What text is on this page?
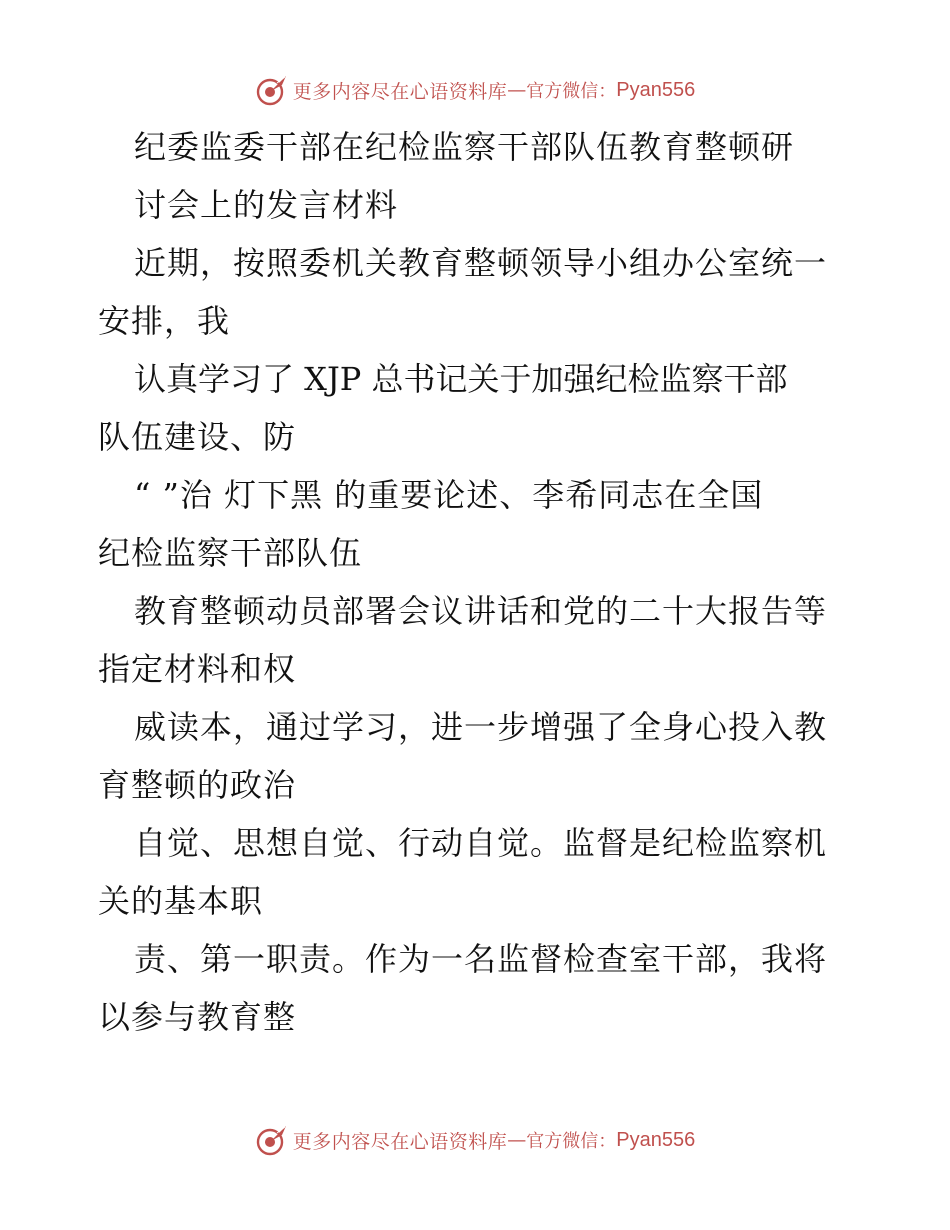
更多内容尽在心语资料库 — 官方微信： Pyan556
纪委监委干部在纪检监察干部队伍教育整顿研
讨会上的发言材料
近期，按照委机关教育整顿领导小组办公室统一
安排，我
认真学习了 XJP 总书记关于加强纪检监察干部
队伍建设、防
“ ”治 灯下黑 的重要论述、李希同志在全国
纪检监察干部队伍
教育整顿动员部署会议讲话和党的二十大报告等
指定材料和权
威读本，通过学习，进一步增强了全身心投入教
育整顿的政治
自觉、思想自觉、行动自觉。监督是纪检监察机
关的基本职
责、第一职责。作为一名监督检查室干部，我将
以参与教育整
更多内容尽在心语资料库 — 官方微信： Pyan556
